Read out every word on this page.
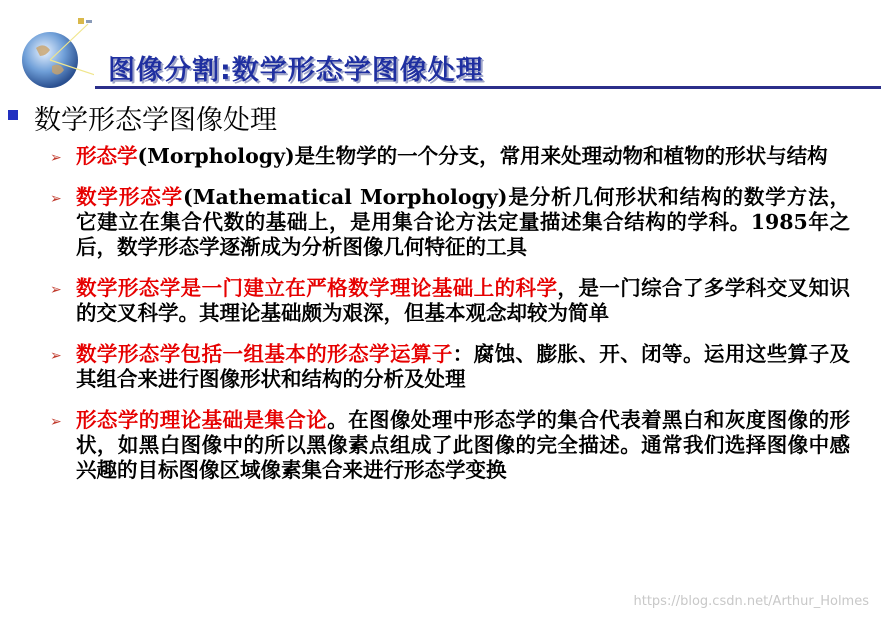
图像分割:数学形态学图像处理
数学形态学图像处理
➢ 形态学(Morphology)是生物学的一个分支，常用来处理动物和植物的形状与结构
➢ 数学形态学(Mathematical Morphology)是分析几何形状和结构的数学方法，它建立在集合代数的基础上，是用集合论方法定量描述集合结构的学科。1985年之后，数学形态学逐渐成为分析图像几何特征的工具
➢ 数学形态学是一门建立在严格数学理论基础上的科学，是一门综合了多学科交叉知识的交叉科学。其理论基础颇为艰深，但基本观念却较为简单
➢ 数学形态学包括一组基本的形态学运算子：腐蚀、膨胀、开、闭等。运用这些算子及其组合来进行图像形状和结构的分析及处理
➢ 形态学的理论基础是集合论。在图像处理中形态学的集合代表着黑白和灰度图像的形状，如黑白图像中的所以黑像素点组成了此图像的完全描述。通常我们选择图像中感兴趣的目标图像区域像素集合来进行形态学变换
https://blog.csdn.net/Arthur_Holmes
